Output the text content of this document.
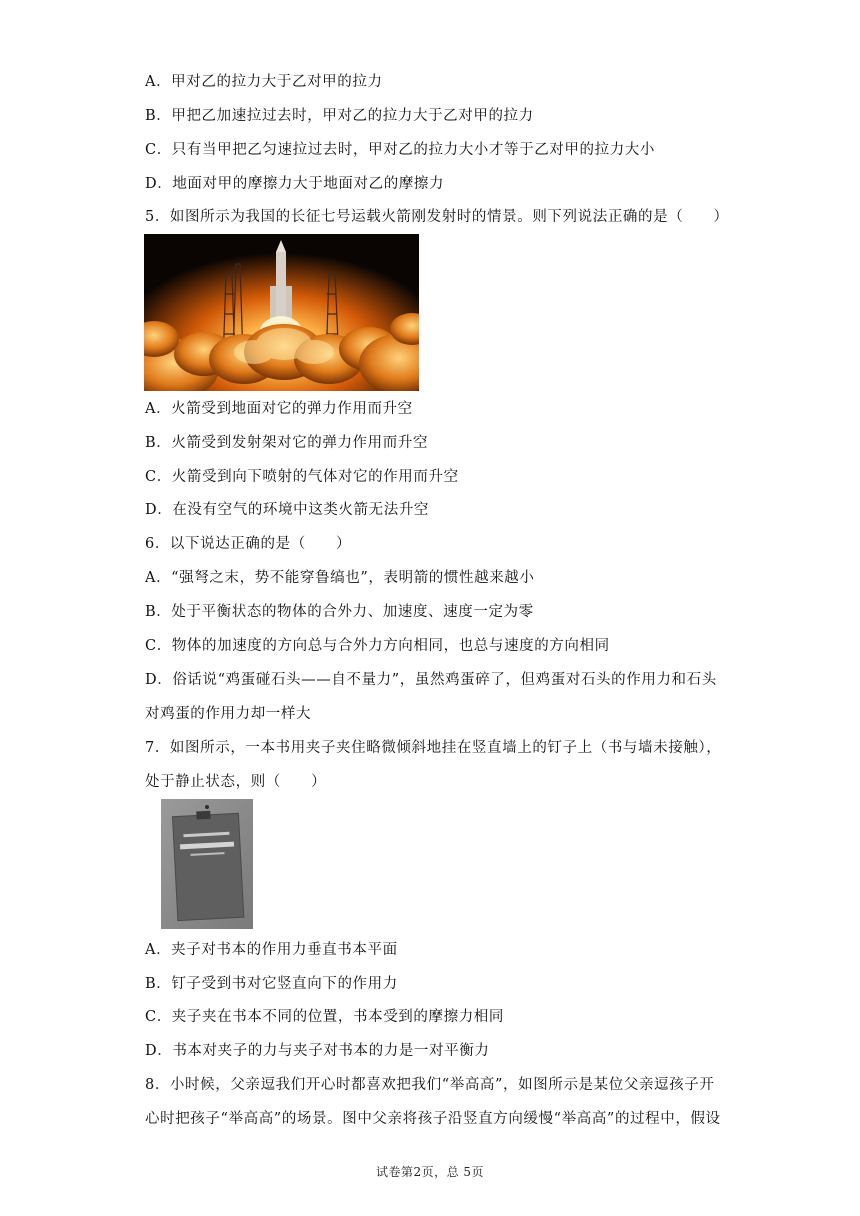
A．甲对乙的拉力大于乙对甲的拉力
B．甲把乙加速拉过去时，甲对乙的拉力大于乙对甲的拉力
C．只有当甲把乙匀速拉过去时，甲对乙的拉力大小才等于乙对甲的拉力大小
D．地面对甲的摩擦力大于地面对乙的摩擦力
5．如图所示为我国的长征七号运载火箭刚发射时的情景。则下列说法正确的是（　　）
A．火箭受到地面对它的弹力作用而升空
B．火箭受到发射架对它的弹力作用而升空
C．火箭受到向下喷射的气体对它的作用而升空
D．在没有空气的环境中这类火箭无法升空
6．以下说达正确的是（　　）
A．“强弩之末，势不能穿鲁缟也”，表明箭的惯性越来越小
B．处于平衡状态的物体的合外力、加速度、速度一定为零
C．物体的加速度的方向总与合外力方向相同，也总与速度的方向相同
D．俗话说“鸡蛋碰石头——自不量力”，虽然鸡蛋碎了，但鸡蛋对石头的作用力和石头
对鸡蛋的作用力却一样大
7．如图所示，一本书用夹子夹住略微倾斜地挂在竖直墙上的钉子上（书与墙未接触），
处于静止状态，则（　　）
A．夹子对书本的作用力垂直书本平面
B．钉子受到书对它竖直向下的作用力
C．夹子夹在书本不同的位置，书本受到的摩擦力相同
D．书本对夹子的力与夹子对书本的力是一对平衡力
8．小时候，父亲逗我们开心时都喜欢把我们“举高高”，如图所示是某位父亲逗孩子开
心时把孩子“举高高”的场景。图中父亲将孩子沿竖直方向缓慢“举高高”的过程中，假设
试卷第2页，总 5页
